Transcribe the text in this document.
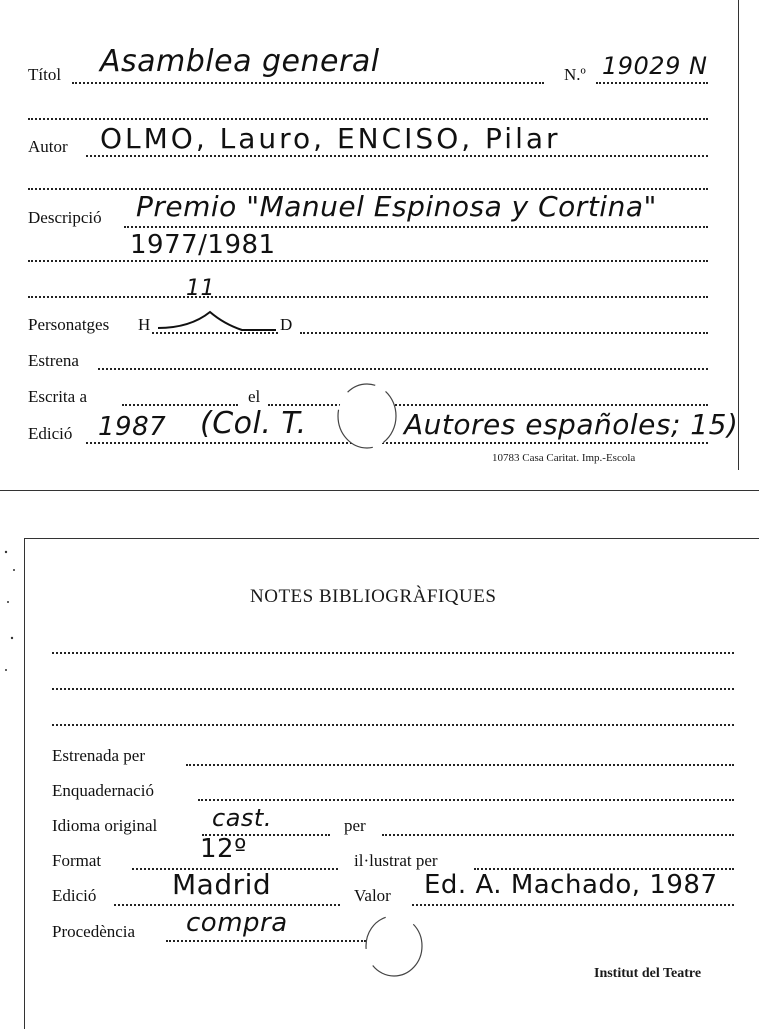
Títol Asamblea general	N.º 19029 N
Autor OLMO, Lauro, ENCISO, Pilar
Descripció Premio "Manuel Espinosa y Cortina"
1977/1981
11
Personatges H	D
Estrena
Escrita a	el
Edició 1987 (Col. T.	Autores españoles; 15)
10783 Casa Caritat. Imp.-Escola
NOTES BIBLIOGRÀFIQUES
Estrenada per
Enquadernació
Idioma original cast.	per
Format	12º	il·lustrat per
Edició	Madrid	Valor Ed. A. Machado, 1987
Procedència compra
Institut del Teatre
